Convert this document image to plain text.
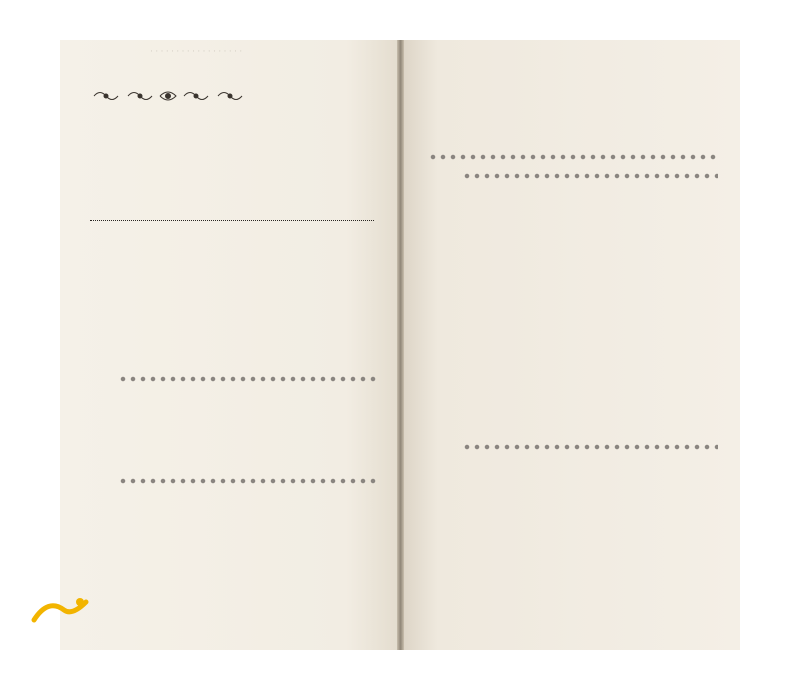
· · · · · · · · · · · · · · · · · ·
